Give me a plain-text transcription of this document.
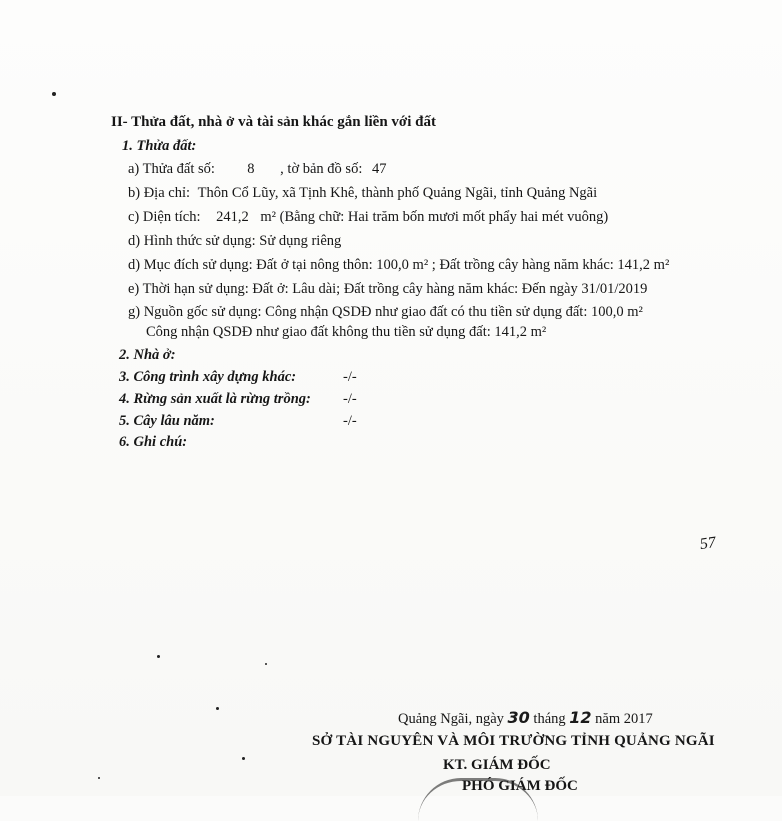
II- Thửa đất, nhà ở và tài sản khác gắn liền với đất
1. Thửa đất:
a) Thửa đất số: 8 , tờ bản đồ số: 47
b) Địa chỉ: Thôn Cổ Lũy, xã Tịnh Khê, thành phố Quảng Ngãi, tỉnh Quảng Ngãi
c) Diện tích: 241,2 m² (Bằng chữ: Hai trăm bốn mươi mốt phẩy hai mét vuông)
d) Hình thức sử dụng: Sử dụng riêng
d) Mục đích sử dụng: Đất ở tại nông thôn: 100,0 m² ; Đất trồng cây hàng năm khác: 141,2 m²
e) Thời hạn sử dụng: Đất ở: Lâu dài; Đất trồng cây hàng năm khác: Đến ngày 31/01/2019
g) Nguồn gốc sử dụng: Công nhận QSDĐ như giao đất có thu tiền sử dụng đất: 100,0 m²
Công nhận QSDĐ như giao đất không thu tiền sử dụng đất: 141,2 m²
2. Nhà ở:
3. Công trình xây dựng khác:	-/-
4. Rừng sản xuất là rừng trồng: -/-
5. Cây lâu năm:	-/-
6. Ghi chú:
57
Quảng Ngãi, ngày 30 tháng 12 năm 2017
SỞ TÀI NGUYÊN VÀ MÔI TRƯỜNG TỈNH QUẢNG NGÃI
KT. GIÁM ĐỐC
PHÓ GIÁM ĐỐC
